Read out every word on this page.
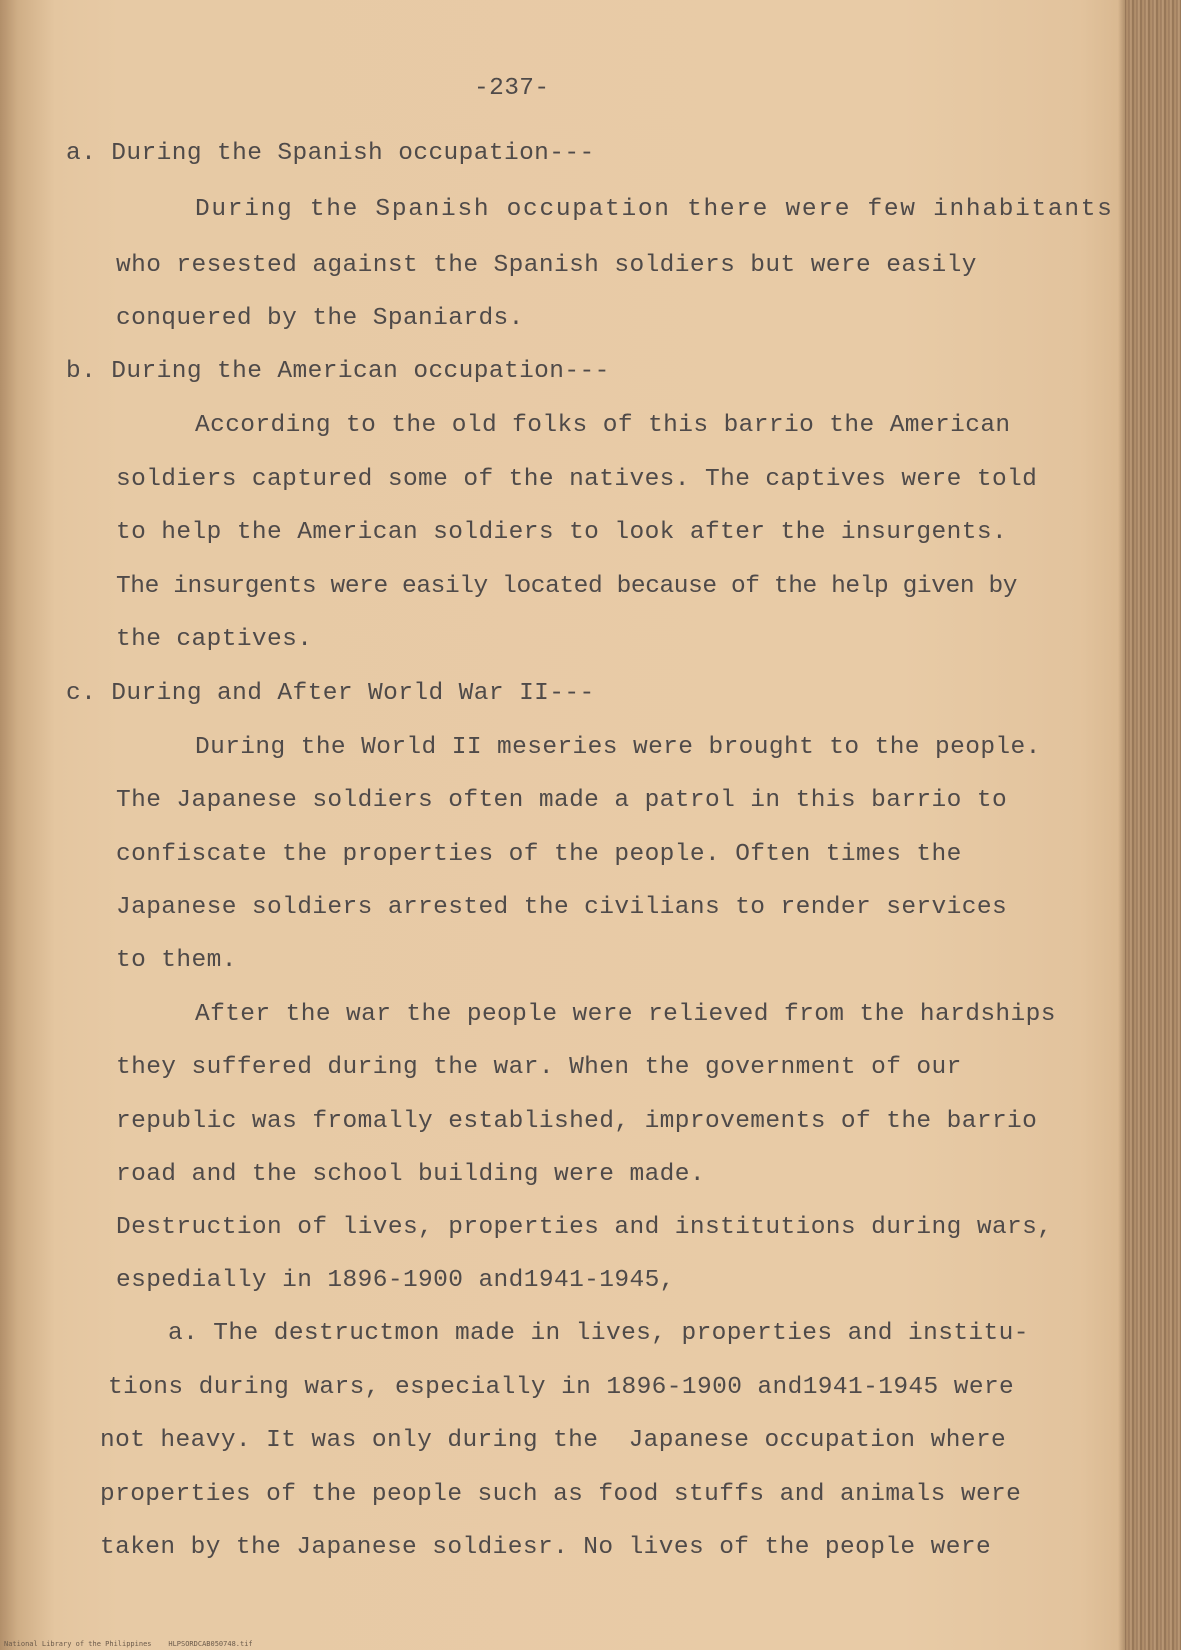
-237-
a. During the Spanish occupation---
During the Spanish occupation there were few inhabitants
who resested against the Spanish soldiers but were easily
conquered by the Spaniards.
b. During the American occupation---
According to the old folks of this barrio the American
soldiers captured some of the natives. The captives were told
to help the American soldiers to look after the insurgents.
The insurgents were easily located because of the help given by
the captives.
c. During and After World War II---
During the World II meseries were brought to the people.
The Japanese soldiers often made a patrol in this barrio to
confiscate the properties of the people. Often times the
Japanese soldiers arrested the civilians to render services
to them.
After the war the people were relieved from the hardships
they suffered during the war. When the government of our
republic was fromally established, improvements of the barrio
road and the school building were made.
Destruction of lives, properties and institutions during wars,
espedially in 1896-1900 and1941-1945,
a. The destructmon made in lives, properties and institu-
tions during wars, especially in 1896-1900 and1941-1945 were
not heavy. It was only during the  Japanese occupation where
properties of the people such as food stuffs and animals were
taken by the Japanese soldiesr. No lives of the people were
National Library of the Philippines    HLPSORDCAB050748.tif
